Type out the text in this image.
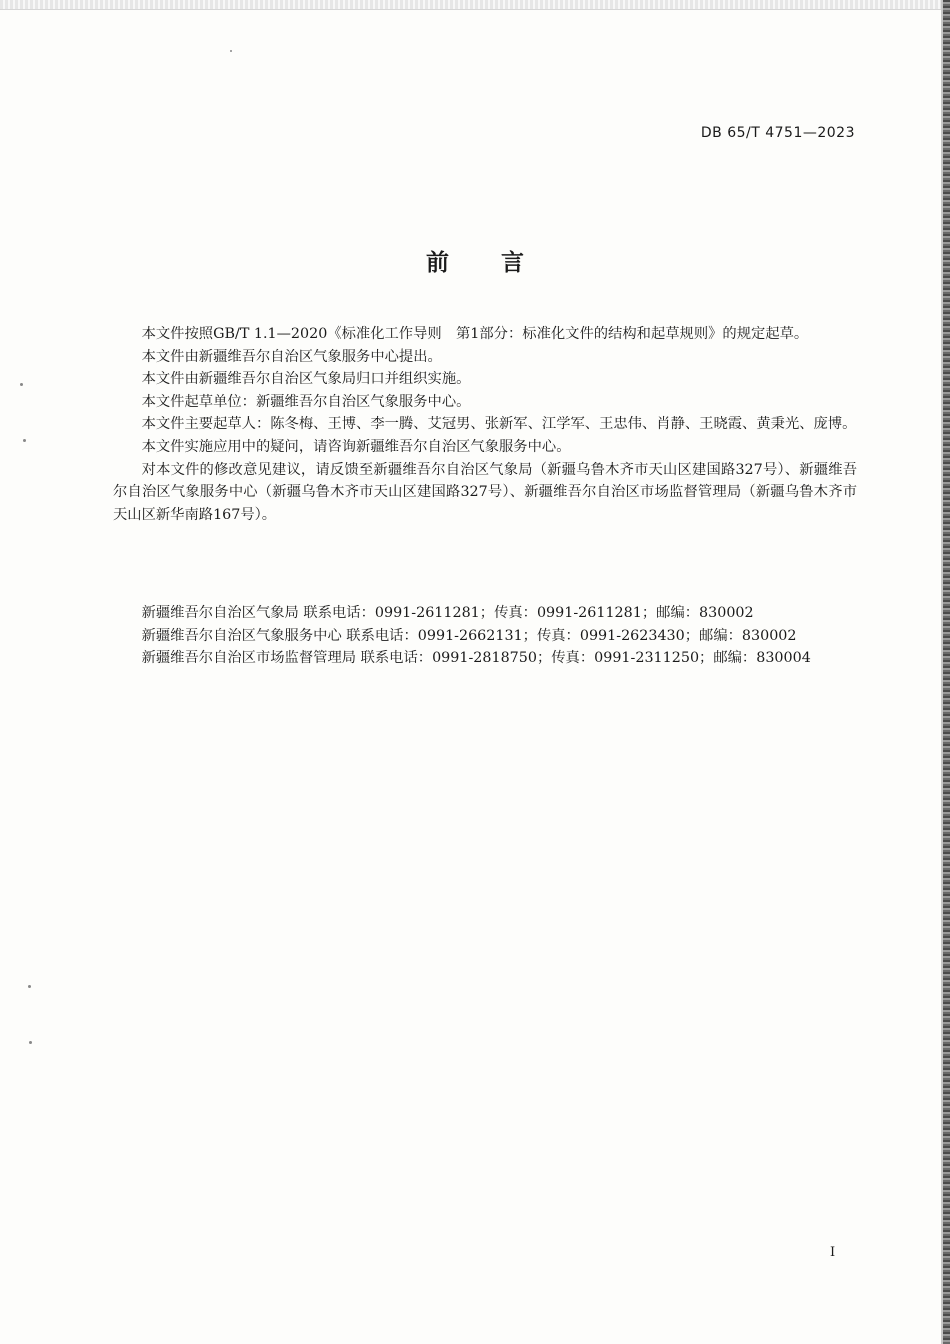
DB 65/T 4751—2023
前言

本文件按照GB/T 1.1—2020《标准化工作导则　第1部分：标准化文件的结构和起草规则》的规定起草。

本文件由新疆维吾尔自治区气象服务中心提出。

本文件由新疆维吾尔自治区气象局归口并组织实施。

本文件起草单位：新疆维吾尔自治区气象服务中心。

本文件主要起草人：陈冬梅、王博、李一腾、艾冠男、张新军、江学军、王忠伟、肖静、王晓霞、黄秉光、庞博。

本文件实施应用中的疑问，请咨询新疆维吾尔自治区气象服务中心。

对本文件的修改意见建议，请反馈至新疆维吾尔自治区气象局（新疆乌鲁木齐市天山区建国路327号）、新疆维吾尔自治区气象服务中心（新疆乌鲁木齐市天山区建国路327号）、新疆维吾尔自治区市场监督管理局（新疆乌鲁木齐市天山区新华南路167号）。

新疆维吾尔自治区气象局 联系电话：0991-2611281；传真：0991-2611281；邮编：830002

新疆维吾尔自治区气象服务中心 联系电话：0991-2662131；传真：0991-2623430；邮编：830002

新疆维吾尔自治区市场监督管理局 联系电话：0991-2818750；传真：0991-2311250；邮编：830004

I
